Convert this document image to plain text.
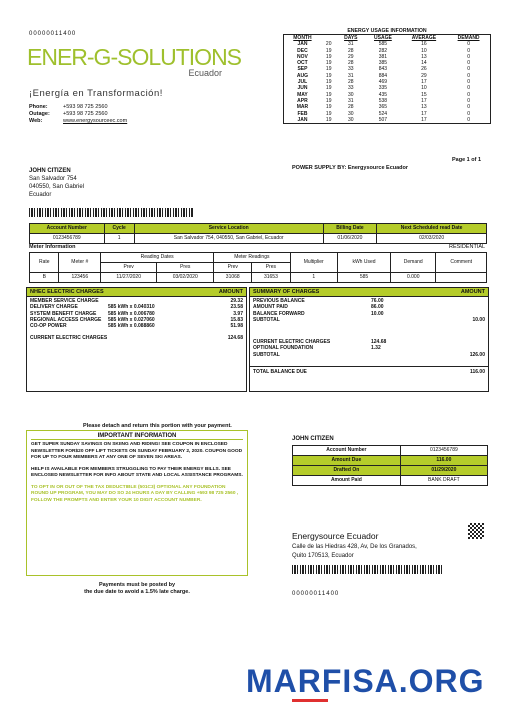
00000011400
ENER-G-SOLUTIONS
Ecuador
¡Energía en Transformación!
Phone:	+593 98 725 2560
Outage: +593 98 725 2560
Web:	www.energysourceec.com
ENERGY USAGE INFORMATION
MONTH		DAYS	USAGE	AVERAGE	DEMAND
JAN	20	31	585	16	0
DEC	19	28	282	10	0
NOV	19	29	381	13	0
OCT	19	28	385	14	0
SEP	19	33	843	26	0
AUG	19	31	884	29	0
JUL	19	28	469	17	0
JUN	19	33	335	10	0
MAY	19	30	435	15	0
APR	19	31	538	17	0
MAR	19	28	365	13	0
FEB	19	30	524	17	0
JAN	19	30	507	17	0
Page 1 of 1
POWER SUPPLY BY: Energysource Ecuador
JOHN CITIZEN
San Salvador 754
040550, San Gabriel
Ecuador
Account Number	Cycle	Service Location	Billing Date	Next Scheduled read Date
0123456789	1	San Salvador 754, 040550, San Gabriel, Ecuador	01/06/2020	02/03/2020
Meter Information	RESIDENTIAL
Rate	Meter #	Reading Dates		Meter Readings		Multiplier	kWh Used	Demand	Comment
		Prev	Pres	Prev	Pres				
B	123456	11/27/2020	03/02/2020	31068	31653	1	585	0.000	
NHEC ELECTRIC CHARGES	AMOUNT
MEMBER SERVICE CHARGE	29.32
DELIVERY CHARGE	585 kWh x 0.040310	23.58
SYSTEM BENEFIT CHARGE	585 kWh x 0.006780	3.97
REGIONAL ACCESS CHARGE	585 kWh x 0.027060	15.83
CO-OP POWER	585 kWh x 0.088860	51.98
CURRENT ELECTRIC CHARGES	124.68
SUMMARY OF CHARGES	AMOUNT
PREVIOUS BALANCE	76.00
AMOUNT PAID	86.00
BALANCE FORWARD	10.00
SUBTOTAL	10.00
CURRENT ELECTRIC CHARGES	124.68
OPTIONAL FOUNDATION	1.32
SUBTOTAL	126.00
TOTAL BALANCE DUE	116.00
Please detach and return this portion with your payment.
IMPORTANT INFORMATION
GET SUPER SUNDAY SAVINGS ON SKIING AND RIDING! SEE COUPON IN ENCLOSED NEWSLETTER FOR$20 OFF LIFT TICKETS ON SUNDAY FEBRUARY 2, 2020. COUPON GOOD FOR UP TO FOUR MEMBERS AT ANY ONE OF SEVEN SKI AREAS.
HELP IS AVAILABLE FOR MEMBERS STRUGGLING TO PAY THEIR ENERGY BILLS. SEE ENCLOSED NEWSLETTER FOR INFO ABOUT STATE AND LOCAL ASSISTANCE PROGRAMS.
TO OPT IN OR OUT OF THE TAX DEDUCTIBLE (501C3) OPTIONAL ANY FOUNDATION ROUND UP PROGRAM, YOU MAY DO SO 24 HOURS A DAY BY CALLING +593 98 725 2560 , FOLLOW THE PROMPTS AND ENTER YOUR 10 DIGIT ACCOUNT NUMBER.
Payments must be posted by
the due date to avoid a 1.5% late charge.
JOHN CITIZEN
Account Number	0123456789
Amount Due	116.00
Drafted On	01/29/2020
Amount Paid	BANK DRAFT
Energysource Ecuador
Calle de las Hiedras 428, Av, De los Granados,
Quito 170513, Ecuador
00000011400
MARFISA.ORG
